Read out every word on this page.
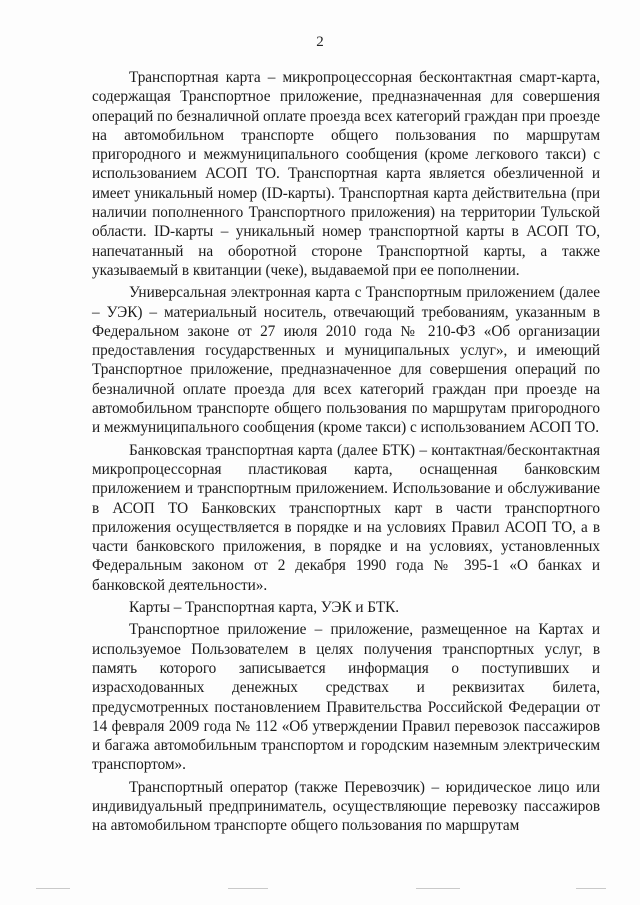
2

Транспортная карта – микропроцессорная бесконтактная смарт-карта, содержащая Транспортное приложение, предназначенная для совершения операций по безналичной оплате проезда всех категорий граждан при проезде на автомобильном транспорте общего пользования по маршрутам пригородного и межмуниципального сообщения (кроме легкового такси) с использованием АСОП ТО. Транспортная карта является обезличенной и имеет уникальный номер (ID-карты). Транспортная карта действительна (при наличии пополненного Транспортного приложения) на территории Тульской области. ID-карты – уникальный номер транспортной карты в АСОП ТО, напечатанный на оборотной стороне Транспортной карты, а также указываемый в квитанции (чеке), выдаваемой при ее пополнении.

Универсальная электронная карта с Транспортным приложением (далее – УЭК) – материальный носитель, отвечающий требованиям, указанным в Федеральном законе от 27 июля 2010 года № 210-ФЗ «Об организации предоставления государственных и муниципальных услуг», и имеющий Транспортное приложение, предназначенное для совершения операций по безналичной оплате проезда для всех категорий граждан при проезде на автомобильном транспорте общего пользования по маршрутам пригородного и межмуниципального сообщения (кроме такси) с использованием АСОП ТО.

Банковская транспортная карта (далее БТК) – контактная/бесконтактная микропроцессорная пластиковая карта, оснащенная банковским приложением и транспортным приложением. Использование и обслуживание в АСОП ТО Банковских транспортных карт в части транспортного приложения осуществляется в порядке и на условиях Правил АСОП ТО, а в части банковского приложения, в порядке и на условиях, установленных Федеральным законом от 2 декабря 1990 года № 395-1 «О банках и банковской деятельности».

Карты – Транспортная карта, УЭК и БТК.

Транспортное приложение – приложение, размещенное на Картах и используемое Пользователем в целях получения транспортных услуг, в память которого записывается информация о поступивших и израсходованных денежных средствах и реквизитах билета, предусмотренных постановлением Правительства Российской Федерации от 14 февраля 2009 года № 112 «Об утверждении Правил перевозок пассажиров и багажа автомобильным транспортом и городским наземным электрическим транспортом».

Транспортный оператор (также Перевозчик) – юридическое лицо или индивидуальный предприниматель, осуществляющие перевозку пассажиров на автомобильном транспорте общего пользования по маршрутам
